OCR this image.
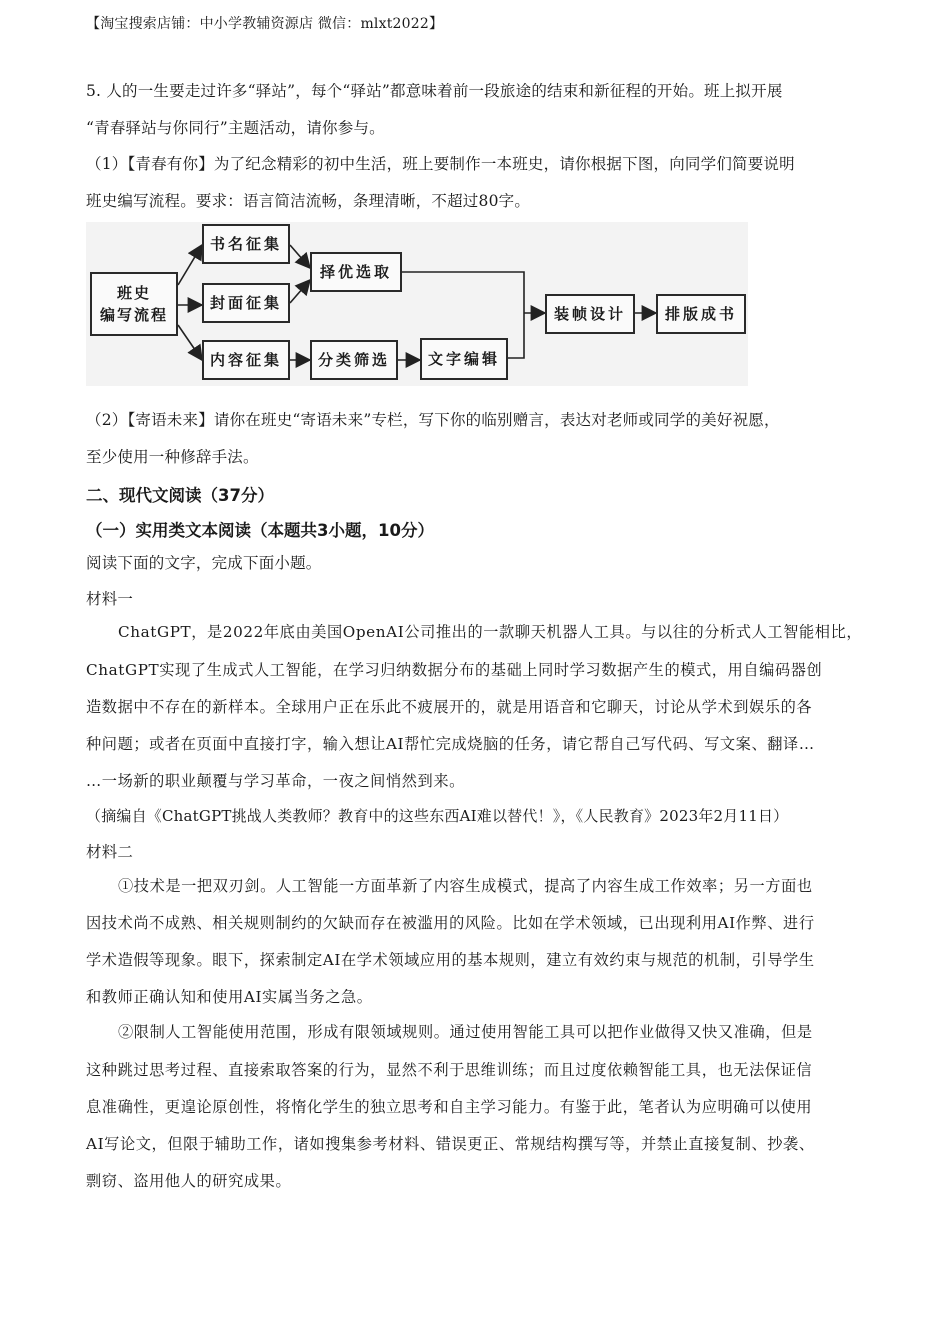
【淘宝搜索店铺：中小学教辅资源店 微信：mlxt2022】

5. 人的一生要走过许多“驿站”，每个“驿站”都意味着前一段旅途的结束和新征程的开始。班上拟开展

“青春驿站与你同行”主题活动，请你参与。

（1）【青春有你】为了纪念精彩的初中生活，班上要制作一本班史，请你根据下图，向同学们简要说明

班史编写流程。要求：语言简洁流畅，条理清晰，不超过80字。

班史
编写流程
书名征集
封面征集
内容征集
择优选取
分类筛选	文字编辑
装帧设计	排版成书

（2）【寄语未来】请你在班史“寄语未来”专栏，写下你的临别赠言，表达对老师或同学的美好祝愿，

至少使用一种修辞手法。

二、现代文阅读（37分）

（一）实用类文本阅读（本题共3小题，10分）

阅读下面的文字，完成下面小题。

材料一

ChatGPT，是2022年底由美国OpenAI公司推出的一款聊天机器人工具。与以往的分析式人工智能相比，

ChatGPT实现了生成式人工智能，在学习归纳数据分布的基础上同时学习数据产生的模式，用自编码器创

造数据中不存在的新样本。全球用户正在乐此不疲展开的，就是用语音和它聊天，讨论从学术到娱乐的各

种问题；或者在页面中直接打字，输入想让AI帮忙完成烧脑的任务，请它帮自己写代码、写文案、翻译…

…一场新的职业颠覆与学习革命，一夜之间悄然到来。

（摘编自《ChatGPT挑战人类教师？教育中的这些东西AI难以替代！》，《人民教育》2023年2月11日）

材料二

①技术是一把双刃剑。人工智能一方面革新了内容生成模式，提高了内容生成工作效率；另一方面也

因技术尚不成熟、相关规则制约的欠缺而存在被滥用的风险。比如在学术领域，已出现利用AI作弊、进行

学术造假等现象。眼下，探索制定AI在学术领域应用的基本规则，建立有效约束与规范的机制，引导学生

和教师正确认知和使用AI实属当务之急。

②限制人工智能使用范围，形成有限领域规则。通过使用智能工具可以把作业做得又快又准确，但是

这种跳过思考过程、直接索取答案的行为，显然不利于思维训练；而且过度依赖智能工具，也无法保证信

息准确性，更遑论原创性，将惰化学生的独立思考和自主学习能力。有鉴于此，笔者认为应明确可以使用

AI写论文，但限于辅助工作，诸如搜集参考材料、错误更正、常规结构撰写等，并禁止直接复制、抄袭、

剽窃、盗用他人的研究成果。
